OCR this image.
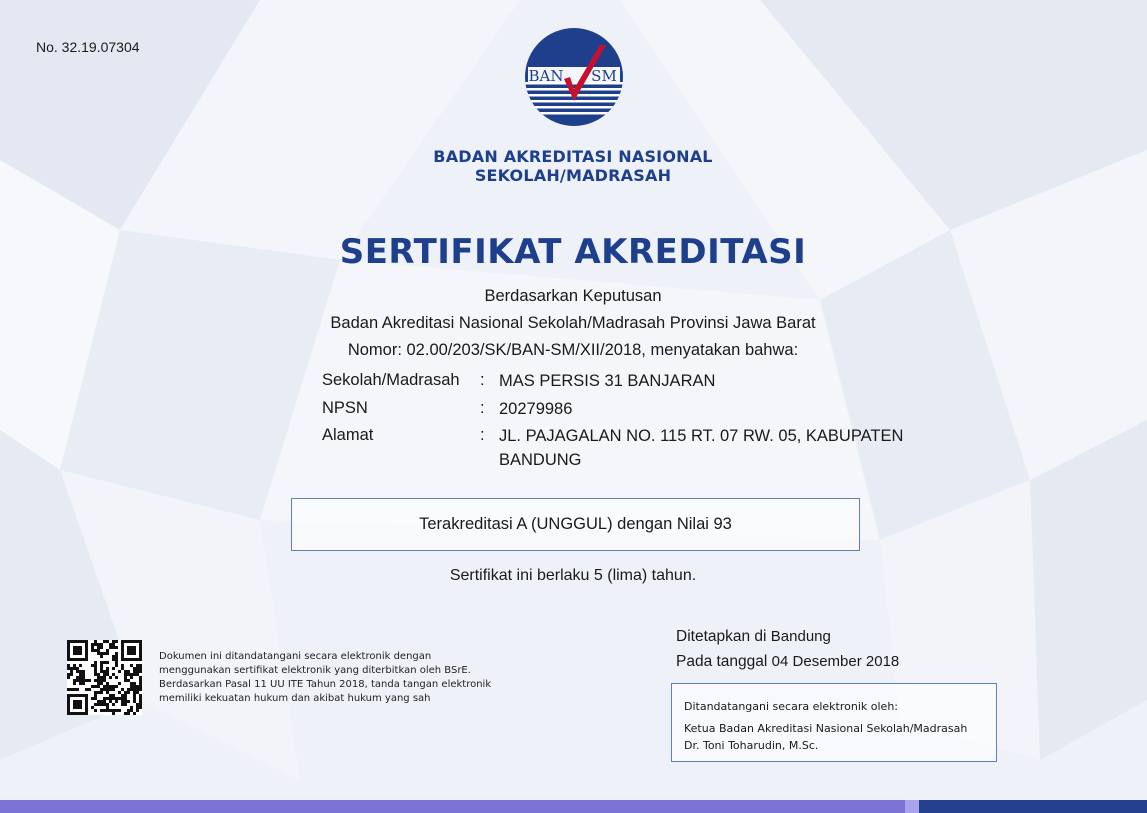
No. 32.19.07304
BAN SM
BADAN AKREDITASI NASIONAL
SEKOLAH/MADRASAH
SERTIFIKAT AKREDITASI
Berdasarkan Keputusan
Badan Akreditasi Nasional Sekolah/Madrasah Provinsi Jawa Barat
Nomor: 02.00/203/SK/BAN-SM/XII/2018, menyatakan bahwa:
Sekolah/Madrasah : MAS PERSIS 31 BANJARAN
NPSN	: 20279986
Alamat	: JL. PAJAGALAN NO. 115 RT. 07 RW. 05, KABUPATEN BANDUNG
Terakreditasi A (UNGGUL) dengan Nilai 93
Sertifikat ini berlaku 5 (lima) tahun.
Dokumen ini ditandatangani secara elektronik dengan
menggunakan sertifikat elektronik yang diterbitkan oleh BSrE.
Berdasarkan Pasal 11 UU ITE Tahun 2018, tanda tangan elektronik
memiliki kekuatan hukum dan akibat hukum yang sah
Ditetapkan di Bandung
Pada tanggal 04 Desember 2018
Ditandatangani secara elektronik oleh:
Ketua Badan Akreditasi Nasional Sekolah/Madrasah
Dr. Toni Toharudin, M.Sc.
